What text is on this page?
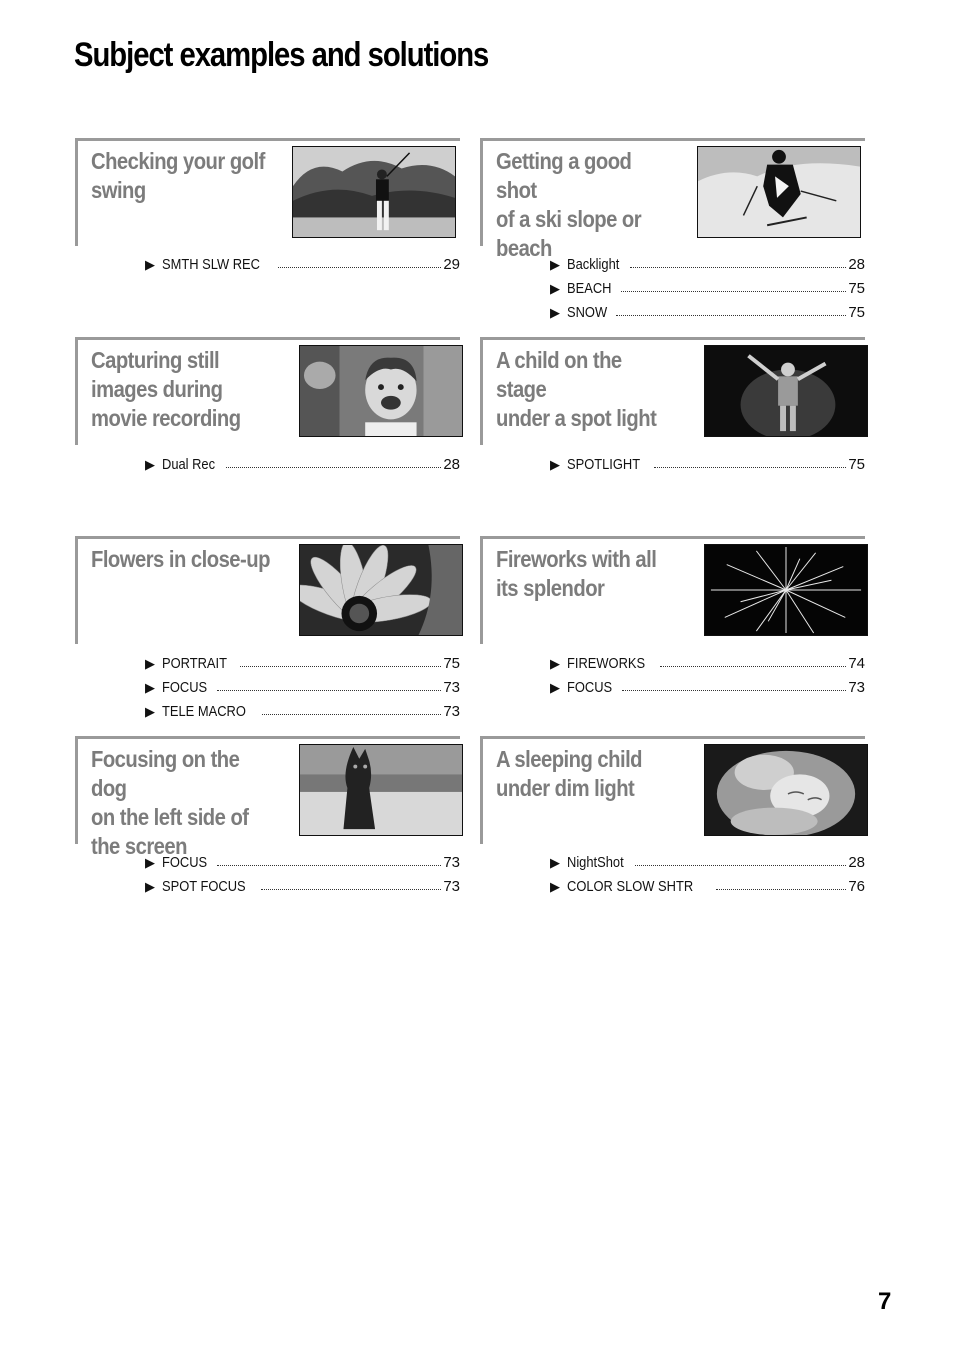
Subject examples and solutions
Checking your golf
swing
▶ SMTH SLW REC	29
Getting a good shot
of a ski slope or
beach
▶ Backlight	28
▶ BEACH	75
▶ SNOW	75
Capturing still
images during
movie recording
▶ Dual Rec	28
A child on the stage
under a spot light
▶ SPOTLIGHT	75
Flowers in close-up
▶ PORTRAIT	75
▶ FOCUS	73
▶ TELE MACRO	73
Fireworks with all
its splendor
▶ FIREWORKS	74
▶ FOCUS	73
Focusing on the dog
on the left side of
the screen
▶ FOCUS	73
▶ SPOT FOCUS	73
A sleeping child
under dim light
▶ NightShot	28
▶ COLOR SLOW SHTR	76
7
